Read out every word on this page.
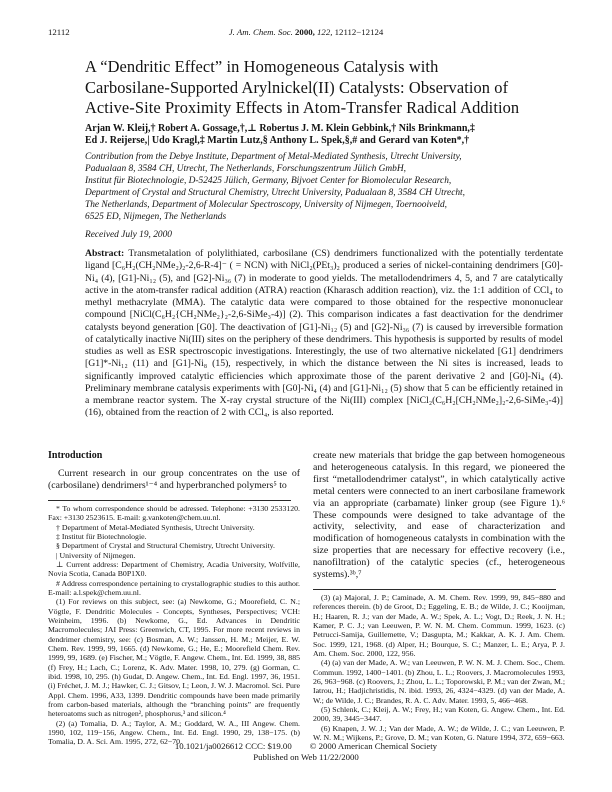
12112	J. Am. Chem. Soc. 2000, 122, 12112−12124
A “Dendritic Effect” in Homogeneous Catalysis with
Carbosilane-Supported Arylnickel(II) Catalysts: Observation of
Active-Site Proximity Effects in Atom-Transfer Radical Addition
Arjan W. Kleij,† Robert A. Gossage,†,⊥ Robertus J. M. Klein Gebbink,† Nils Brinkmann,‡
Ed J. Reijerse,| Udo Kragl,‡ Martin Lutz,§ Anthony L. Spek,§,# and Gerard van Koten*,†
Contribution from the Debye Institute, Department of Metal-Mediated Synthesis, Utrecht University,
Padualaan 8, 3584 CH, Utrecht, The Netherlands, Forschungszentrum Jülich GmbH,
Institut für Biotechnologie, D-52425 Jülich, Germany, Bijvoet Center for Biomolecular Research,
Department of Crystal and Structural Chemistry, Utrecht University, Padualaan 8, 3584 CH Utrecht,
The Netherlands, Department of Molecular Spectroscopy, University of Nijmegen, Toernooiveld,
6525 ED, Nijmegen, The Netherlands
Received July 19, 2000
Abstract: Transmetalation of polylithiated, carbosilane (CS) dendrimers functionalized with the potentially terdentate ligand [C₆H₂(CH₂NMe₂)₂-2,6-R-4]⁻ ( = NCN) with NiCl₂(PEt₃)₂ produced a series of nickel-containing dendrimers [G0]-Ni₄ (4), [G1]-Ni₁₂ (5), and [G2]-Ni₃₆ (7) in moderate to good yields. The metallodendrimers 4, 5, and 7 are catalytically active in the atom-transfer radical addition (ATRA) reaction (Kharasch addition reaction), viz. the 1:1 addition of CCl₄ to methyl methacrylate (MMA). The catalytic data were compared to those obtained for the respective mononuclear compound [NiCl(C₆H₂{CH₂NMe₂}₂-2,6-SiMe₃-4)] (2). This comparison indicates a fast deactivation for the dendrimer catalysts beyond generation [G0]. The deactivation of [G1]-Ni₁₂ (5) and [G2]-Ni₃₆ (7) is caused by irreversible formation of catalytically inactive Ni(III) sites on the periphery of these dendrimers. This hypothesis is supported by results of model studies as well as ESR spectroscopic investigations. Interestingly, the use of two alternative nickelated [G1] dendrimers [G1]*-Ni₁₂ (11) and [G1]-Ni₈ (15), respectively, in which the distance between the Ni sites is increased, leads to significantly improved catalytic efficiencies which approximate those of the parent derivative 2 and [G0]-Ni₄ (4). Preliminary membrane catalysis experiments with [G0]-Ni₄ (4) and [G1]-Ni₁₂ (5) show that 5 can be efficiently retained in a membrane reactor system. The X-ray crystal structure of the Ni(III) complex [NiCl₂(C₆H₂[CH₂NMe₂]₂-2,6-SiMe₃-4)] (16), obtained from the reaction of 2 with CCl₄, is also reported.

Introduction

Current research in our group concentrates on the use of (carbosilane) dendrimers¹⁻⁴ and hyperbranched polymers⁵ to

* To whom correspondence should be adressed. Telephone: +3130 2533120. Fax: +3130 2523615. E-mail: g.vankoten@chem.uu.nl.

† Department of Metal-Mediated Synthesis, Utrecht University.

‡ Institut für Biotechnologie.

§ Department of Crystal and Structural Chemistry, Utrecht University.

| University of Nijmegen.

⊥ Current address: Department of Chemistry, Acadia University, Wolfville, Novia Scotia, Canada B0P1X0.

# Address correspondence pertaining to crystallographic studies to this author. E-mail: a.l.spek@chem.uu.nl.

(1) For reviews on this subject, see: (a) Newkome, G.; Moorefield, C. N.; Vögtle, F. Dendritic Molecules - Concepts, Syntheses, Perspectives; VCH: Weinheim, 1996. (b) Newkome, G., Ed. Advances in Dendritic Macromolecules; JAI Press: Greenwich, CT, 1995. For more recent reviews in dendrimer chemistry, see: (c) Bosman, A. W.; Janssen, H. M.; Meijer, E. W. Chem. Rev. 1999, 99, 1665. (d) Newkome, G.; He, E.; Moorefield Chem. Rev. 1999, 99, 1689. (e) Fischer, M.; Vögtle, F. Angew. Chem., Int. Ed. 1999, 38, 885 (f) Frey, H.; Lach, C.; Lorenz, K. Adv. Mater. 1998, 10, 279. (g) Gorman, C. ibid. 1998, 10, 295. (h) Gudat, D. Angew. Chem., Int. Ed. Engl. 1997, 36, 1951. (i) Fréchet, J. M. J.; Hawker, C. J.; Gitsov, I.; Leon, J. W. J. Macromol. Sci. Pure Appl. Chem. 1996, A33, 1399. Dendritic compounds have been made primarily from carbon-based materials, although the “branching points” are frequently heteroatoms such as nitrogen², phosphorus,³ and silicon.⁴

(2) (a) Tomalia, D. A.; Taylor, A. M.; Goddard, W. A., III Angew. Chem. 1990, 102, 119−156, Angew. Chem., Int. Ed. Engl. 1990, 29, 138−175. (b) Tomalia, D. A. Sci. Am. 1995, 272, 62−70.

create new materials that bridge the gap between homogeneous and heterogeneous catalysis. In this regard, we pioneered the first “metallodendrimer catalyst”, in which catalytically active metal centers were connected to an inert carbosilane framework via an appropriate (carbamate) linker group (see Figure 1).⁶ These compounds were designed to take advantage of the activity, selectivity, and ease of characterization and modification of homogeneous catalysts in combination with the size properties that are necessary for effective recovery (i.e., nanofiltration) of the catalytic species (cf., heterogeneous systems).³ᵇ,⁷

(3) (a) Majoral, J. P.; Caminade, A. M. Chem. Rev. 1999, 99, 845−880 and references therein. (b) de Groot, D.; Eggeling, E. B.; de Wilde, J. C.; Kooijman, H.; Haaren, R. J.; van der Made, A. W.; Spek, A. L.; Vogt, D.; Reek, J. N. H.; Kamer, P. C. J.; van Leeuwen, P. W. N. M. Chem. Commun. 1999, 1623. (c) Petrucci-Samija, Guillemette, V.; Dasgupta, M.; Kakkar, A. K. J. Am. Chem. Soc. 1999, 121, 1968. (d) Alper, H.; Bourque, S. C.; Manzer, L. E.; Arya, P. J. Am. Chem. Soc. 2000, 122, 956.

(4) (a) van der Made, A. W.; van Leeuwen, P. W. N. M. J. Chem. Soc., Chem. Commun. 1992, 1400−1401. (b) Zhou, L. L.; Roovers, J. Macromolecules 1993, 26, 963−968. (c) Roovers, J.; Zhou, L. L.; Toporowski, P. M.; van der Zwan, M.; Iatrou, H.; Hadjichristidis, N. ibid. 1993, 26, 4324−4329. (d) van der Made, A. W.; de Wilde, J. C.; Brandes, R. A. C. Adv. Mater. 1993, 5, 466−468.

(5) Schlenk, C.; Kleij, A. W.; Frey, H.; van Koten, G. Angew. Chem., Int. Ed. 2000, 39, 3445−3447.

(6) Knapen, J. W. J.; Van der Made, A. W.; de Wilde, J. C.; van Leeuwen, P. W. N. M.; Wijkens, P.; Grove, D. M.; van Koten, G. Nature 1994, 372, 659−663.

10.1021/ja0026612 CCC: $19.00 © 2000 American Chemical Society
Published on Web 11/22/2000
